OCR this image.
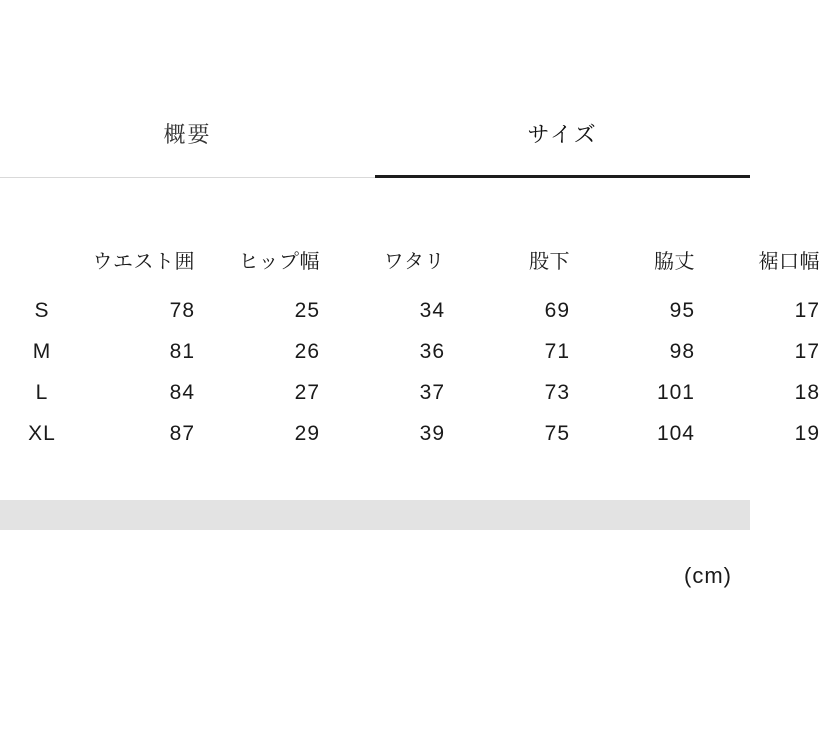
概要	サイズ
	ウエスト囲	ヒップ幅	ワタリ	股下	脇丈	裾口幅
S	78	25	34	69	95	17
M	81	26	36	71	98	17
L	84	27	37	73	101	18
XL	87	29	39	75	104	19
(cm)
